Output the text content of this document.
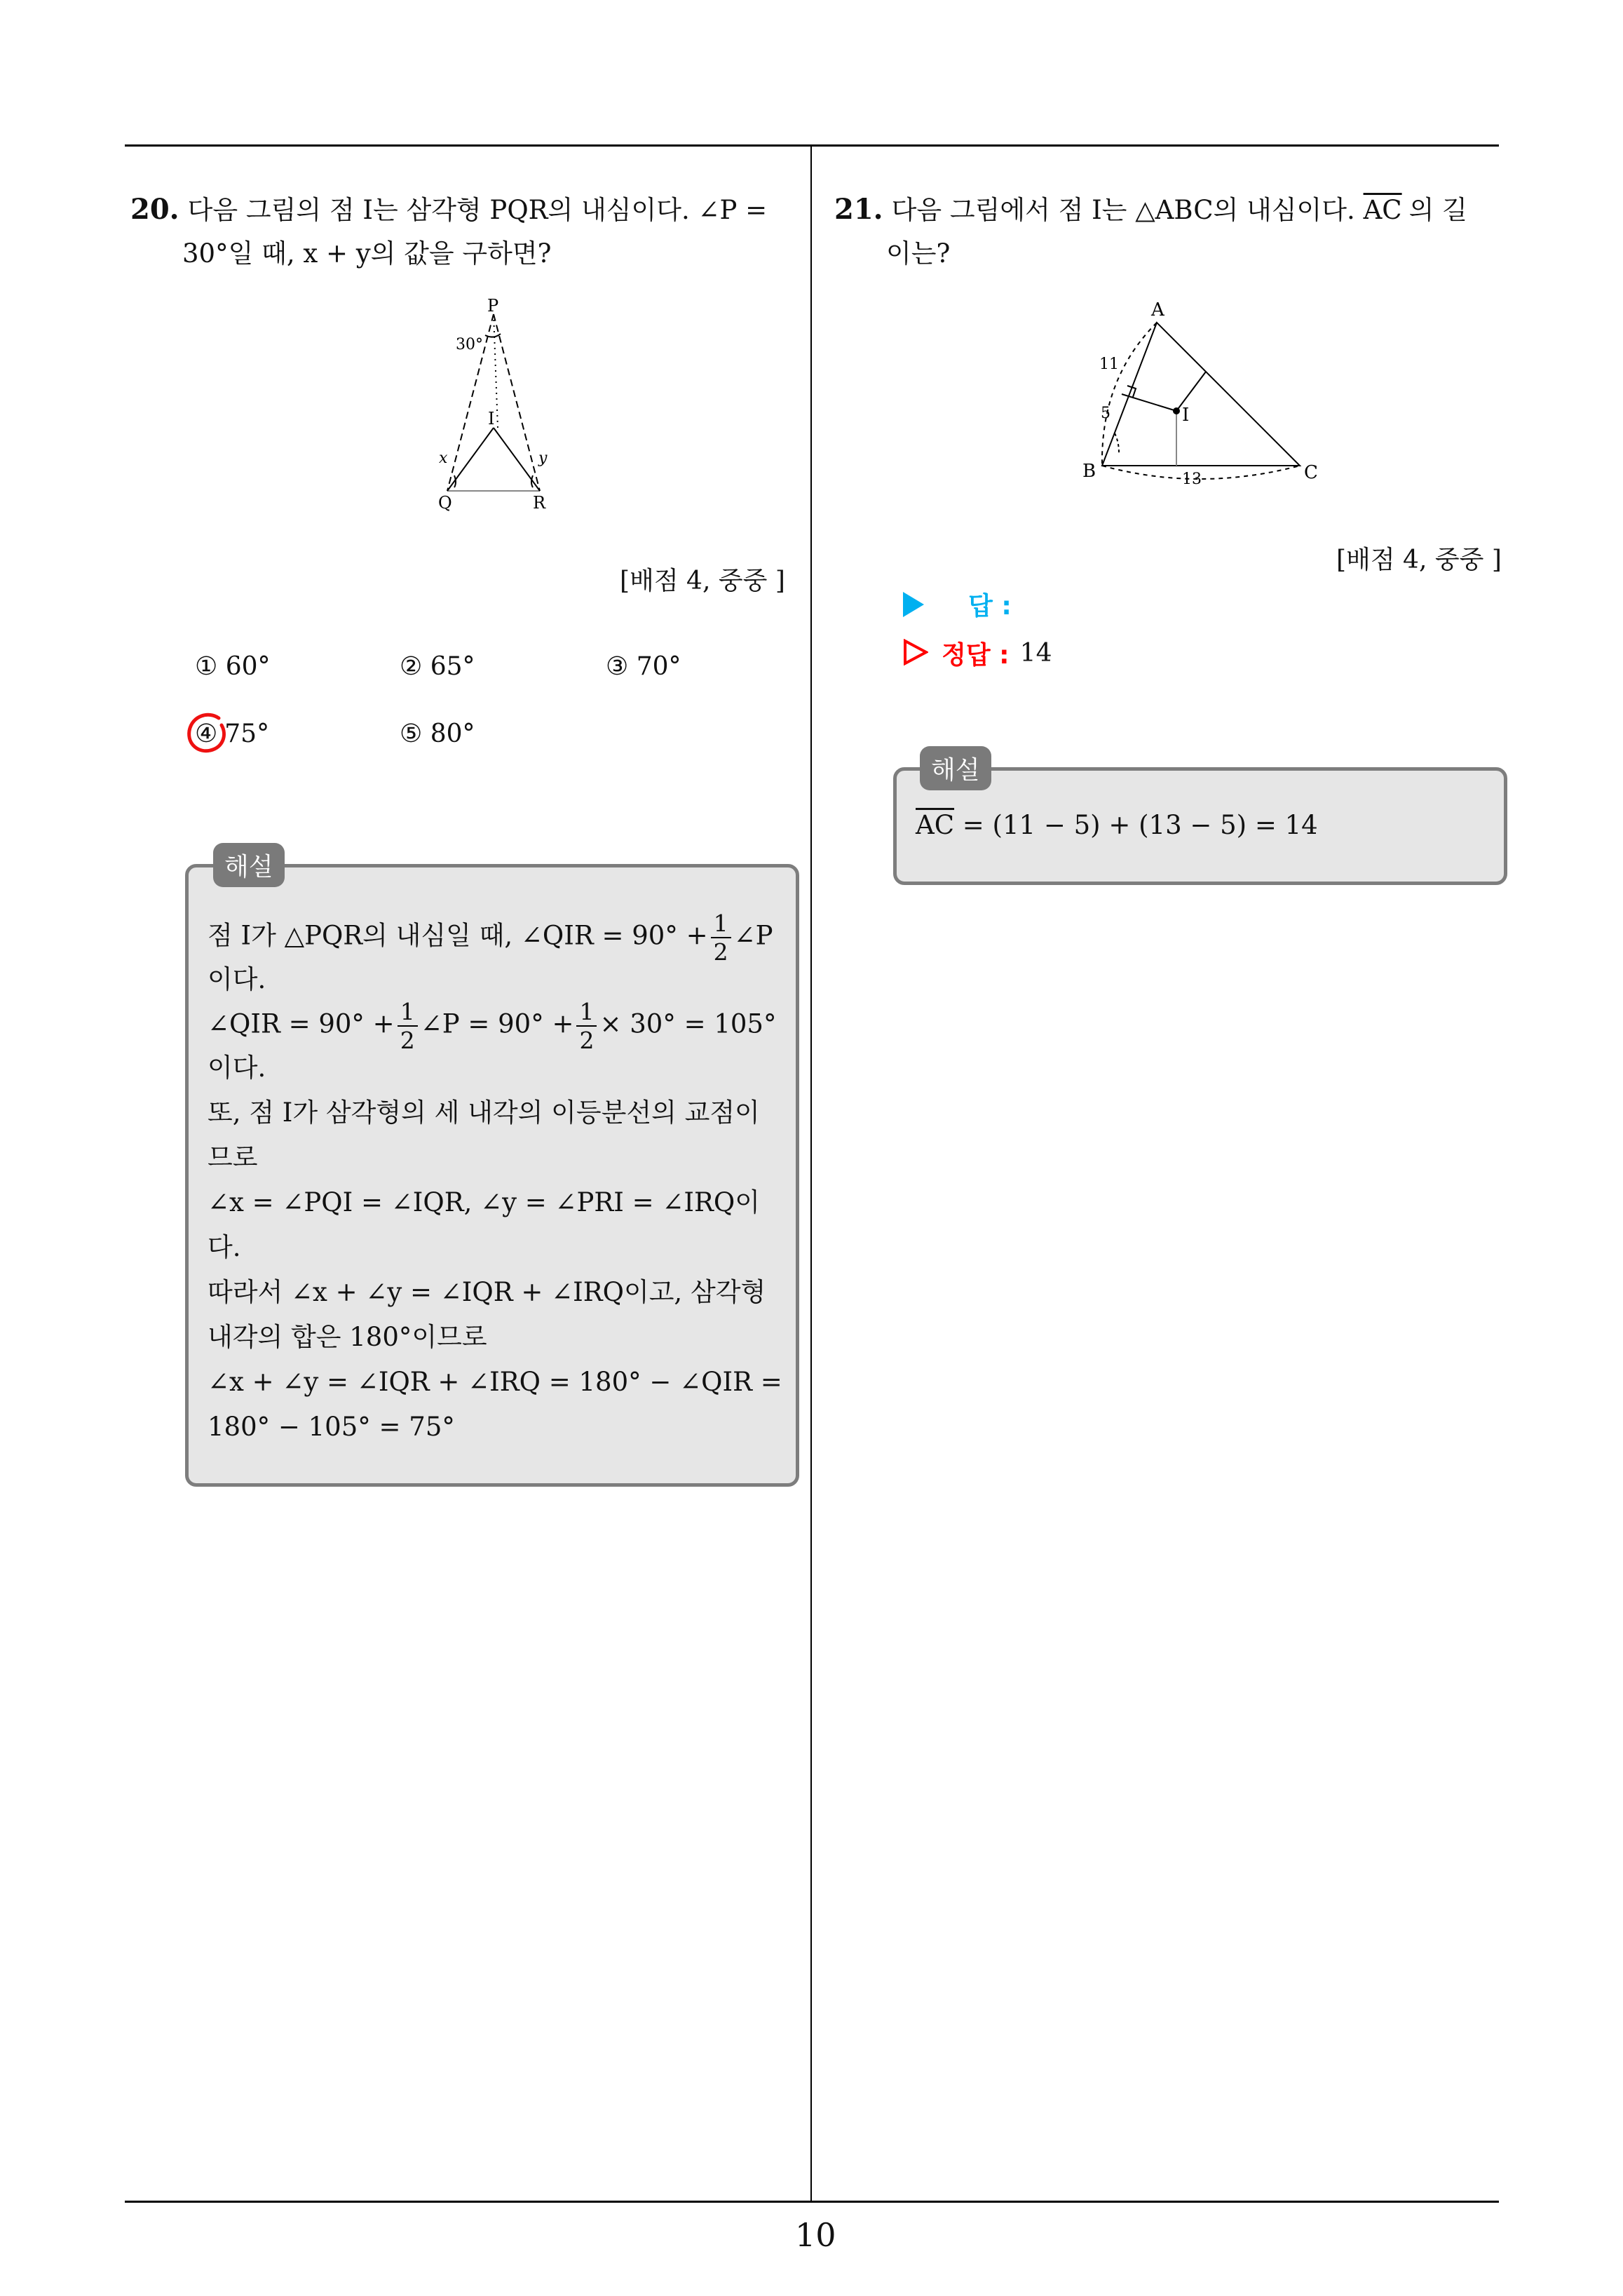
20. 다음 그림의 점 I는 삼각형 PQR의 내심이다. ∠P =
30°일 때, x + y의 값을 구하면?
P
30°
I
x	y
Q	R
[배점 4, 중중 ]
① 60°	② 65°	③ 70°
④ 75°	⑤ 80°
해설
점 I가 △PQR의 내심일 때, ∠QIR = $90^\circ + \frac{1}{2}$ ∠P
이다.
∠QIR = $90^\circ + \frac{1}{2}$ ∠P = $90^\circ + \frac{1}{2} \times 30^\circ = 105^\circ$
이다.
또, 점 I가 삼각형의 세 내각의 이등분선의 교점이
므로
∠x = ∠PQI = ∠IQR, ∠y = ∠PRI = ∠IRQ이
다.
따라서 ∠x + ∠y = ∠IQR + ∠IRQ이고, 삼각형
내각의 합은 180°이므로
∠x + ∠y = ∠IQR + ∠IRQ = 180° − ∠QIR =
180° − 105° = 75°
21. 다음 그림에서 점 I는 △ABC의 내심이다. $\overline{AC}$ 의 길
이는?
A
11
5	I
B	13	C
[배점 4, 중중 ]
답 :
정답 : 14
해설
$\overline{AC} = (11 - 5) + (13 - 5) = 14$
10
